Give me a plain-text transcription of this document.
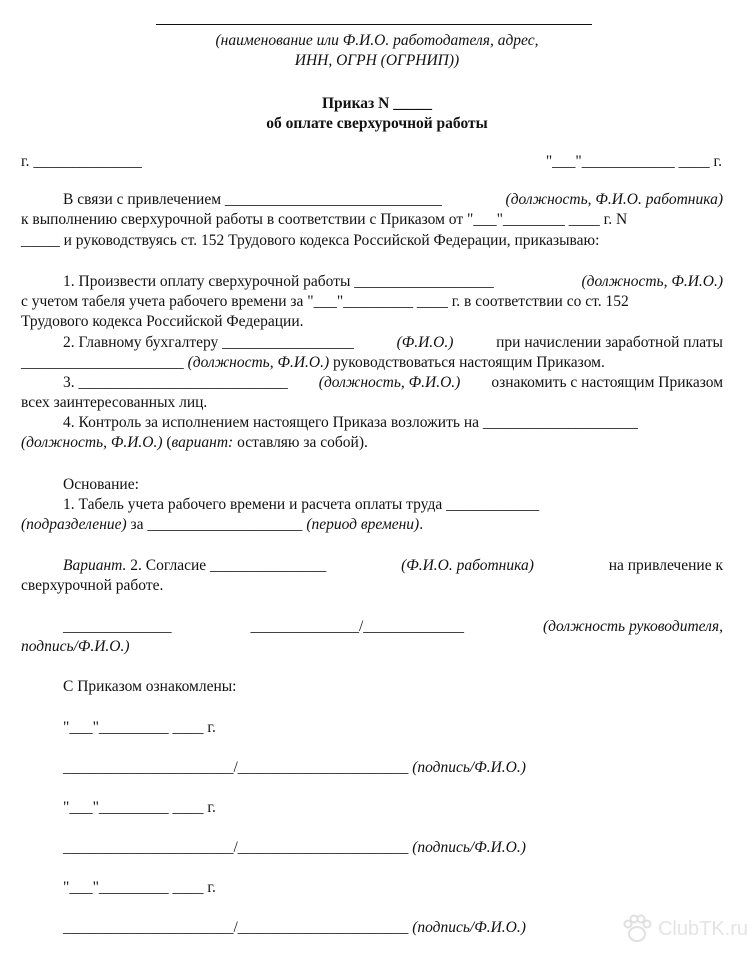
(наименование или Ф.И.О. работодателя, адрес,
ИНН, ОГРН (ОГРНИП))
Приказ N _____
об оплате сверхурочной работы
г. ______________	"___"____________ ____ г.
В связи с привлечением ____________________________	(должность, Ф.И.О. работника)
к выполнению сверхурочной работы в соответствии с Приказом от "___"________ ____ г. N
_____ и руководствуясь ст. 152 Трудового кодекса Российской Федерации, приказываю:
1. Произвести оплату сверхурочной работы __________________	(должность, Ф.И.О.)
с учетом табеля учета рабочего времени за "___"_________ ____ г. в соответствии со ст. 152
Трудового кодекса Российской Федерации.
2. Главному бухгалтеру _________________	(Ф.И.О.)	при начислении заработной платы
_____________________ (должность, Ф.И.О.) руководствоваться настоящим Приказом.
3. ___________________________ (должность, Ф.И.О.) ознакомить с настоящим Приказом
всех заинтересованных лиц.
4. Контроль за исполнением настоящего Приказа возложить на ____________________
(должность, Ф.И.О.) (вариант: оставляю за собой).
Основание:
1. Табель учета рабочего времени и расчета оплаты труда ____________
(подразделение) за ____________________ (период времени).
Вариант. 2. Согласие _______________	(Ф.И.О. работника)	на привлечение к
сверхурочной работе.
______________	______________/_____________	(должность руководителя,
подпись/Ф.И.О.)
С Приказом ознакомлены:
"___"_________ ____ г.
______________________/______________________ (подпись/Ф.И.О.)
"___"_________ ____ г.
______________________/______________________ (подпись/Ф.И.О.)
"___"_________ ____ г.
______________________/______________________ (подпись/Ф.И.О.)	ClubTK.ru
